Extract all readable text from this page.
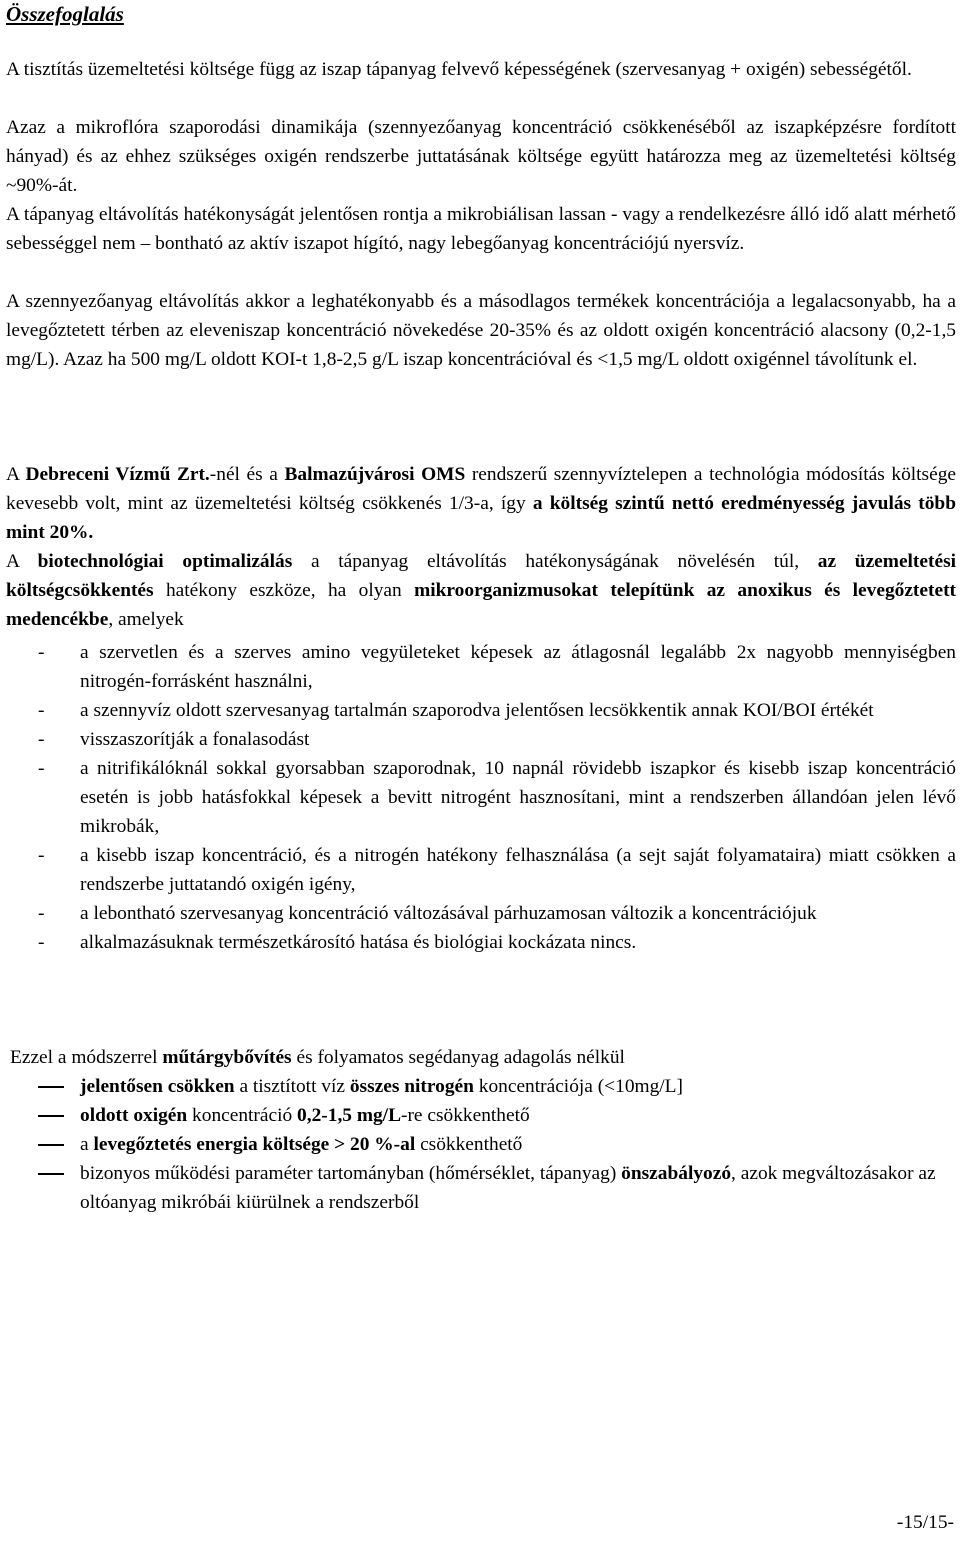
Összefoglalás
A tisztítás üzemeltetési költsége függ az iszap tápanyag felvevő képességének (szervesanyag + oxigén) sebességétől.
Azaz a mikroflóra szaporodási dinamikája (szennyezőanyag koncentráció csökkenéséből az iszapképzésre fordított hányad) és az ehhez szükséges oxigén rendszerbe juttatásának költsége együtt határozza meg az üzemeltetési költség ~90%-át.
A tápanyag eltávolítás hatékonyságát jelentősen rontja a mikrobiálisan lassan - vagy a rendelkezésre álló idő alatt mérhető sebességgel nem – bontható az aktív iszapot hígító, nagy lebegőanyag koncentrációjú nyersvíz.
A szennyezőanyag eltávolítás akkor a leghatékonyabb és a másodlagos termékek koncentrációja a legalacsonyabb, ha a levegőztetett térben az eleveniszap koncentráció növekedése 20-35% és az oldott oxigén koncentráció alacsony (0,2-1,5 mg/L). Azaz ha 500 mg/L oldott KOI-t 1,8-2,5 g/L iszap koncentrációval és <1,5 mg/L oldott oxigénnel távolítunk el.
A Debreceni Vízmű Zrt.-nél és a Balmazújvárosi OMS rendszerű szennyvíztelepen a technológia módosítás költsége kevesebb volt, mint az üzemeltetési költség csökkenés 1/3-a, így a költség szintű nettó eredményesség javulás több mint 20%.
A biotechnológiai optimalizálás a tápanyag eltávolítás hatékonyságának növelésén túl, az üzemeltetési költségcsökkentés hatékony eszköze, ha olyan mikroorganizmusokat telepítünk az anoxikus és levegőztetett medencékbe, amelyek
- a szervetlen és a szerves amino vegyületeket képesek az átlagosnál legalább 2x nagyobb mennyiségben nitrogén-forrásként használni,
- a szennyvíz oldott szervesanyag tartalmán szaporodva jelentősen lecsökkentik annak KOI/BOI értékét
- visszaszorítják a fonalasodást
- a nitrifikálóknál sokkal gyorsabban szaporodnak, 10 napnál rövidebb iszapkor és kisebb iszap koncentráció esetén is jobb hatásfokkal képesek a bevitt nitrogént hasznosítani, mint a rendszerben állandóan jelen lévő mikrobák,
- a kisebb iszap koncentráció, és a nitrogén hatékony felhasználása (a sejt saját folyamataira) miatt csökken a rendszerbe juttatandó oxigén igény,
- a lebontható szervesanyag koncentráció változásával párhuzamosan változik a koncentrációjuk
- alkalmazásuknak természetkárosító hatása és biológiai kockázata nincs.
Ezzel a módszerrel műtárgybővítés és folyamatos segédanyag adagolás nélkül
jelentősen csökken a tisztított víz összes nitrogén koncentrációja (<10mg/L]
oldott oxigén koncentráció 0,2-1,5 mg/L-re csökkenthető
a levegőztetés energia költsége > 20 %-al csökkenthető
bizonyos működési paraméter tartományban (hőmérséklet, tápanyag) önszabályozó, azok megváltozásakor az oltóanyag mikróbái kiürülnek a rendszerből
-15/15-
